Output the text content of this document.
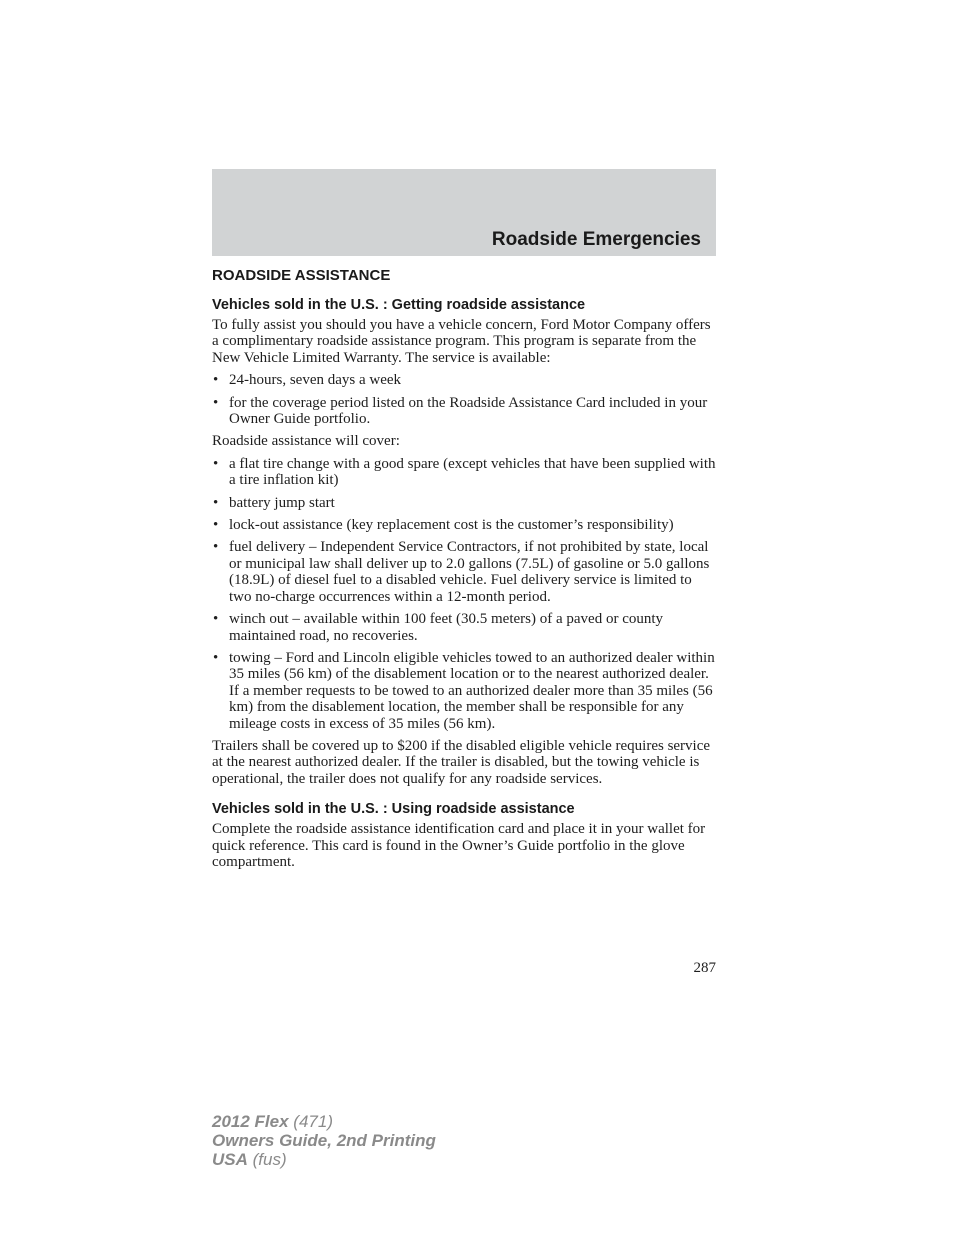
Roadside Emergencies
ROADSIDE ASSISTANCE
Vehicles sold in the U.S. : Getting roadside assistance

To fully assist you should you have a vehicle concern, Ford Motor Company offers a complimentary roadside assistance program. This program is separate from the New Vehicle Limited Warranty. The service is available:

• 24-hours, seven days a week
• for the coverage period listed on the Roadside Assistance Card included in your Owner Guide portfolio.

Roadside assistance will cover:

• a flat tire change with a good spare (except vehicles that have been supplied with a tire inflation kit)
• battery jump start
• lock-out assistance (key replacement cost is the customer’s responsibility)
• fuel delivery – Independent Service Contractors, if not prohibited by state, local or municipal law shall deliver up to 2.0 gallons (7.5L) of gasoline or 5.0 gallons (18.9L) of diesel fuel to a disabled vehicle. Fuel delivery service is limited to two no-charge occurrences within a 12-month period.
• winch out – available within 100 feet (30.5 meters) of a paved or county maintained road, no recoveries.
• towing – Ford and Lincoln eligible vehicles towed to an authorized dealer within 35 miles (56 km) of the disablement location or to the nearest authorized dealer. If a member requests to be towed to an authorized dealer more than 35 miles (56 km) from the disablement location, the member shall be responsible for any mileage costs in excess of 35 miles (56 km).

Trailers shall be covered up to $200 if the disabled eligible vehicle requires service at the nearest authorized dealer. If the trailer is disabled, but the towing vehicle is operational, the trailer does not qualify for any roadside services.

Vehicles sold in the U.S. : Using roadside assistance

Complete the roadside assistance identification card and place it in your wallet for quick reference. This card is found in the Owner’s Guide portfolio in the glove compartment.

287
2012 Flex (471)
Owners Guide, 2nd Printing
USA (fus)
